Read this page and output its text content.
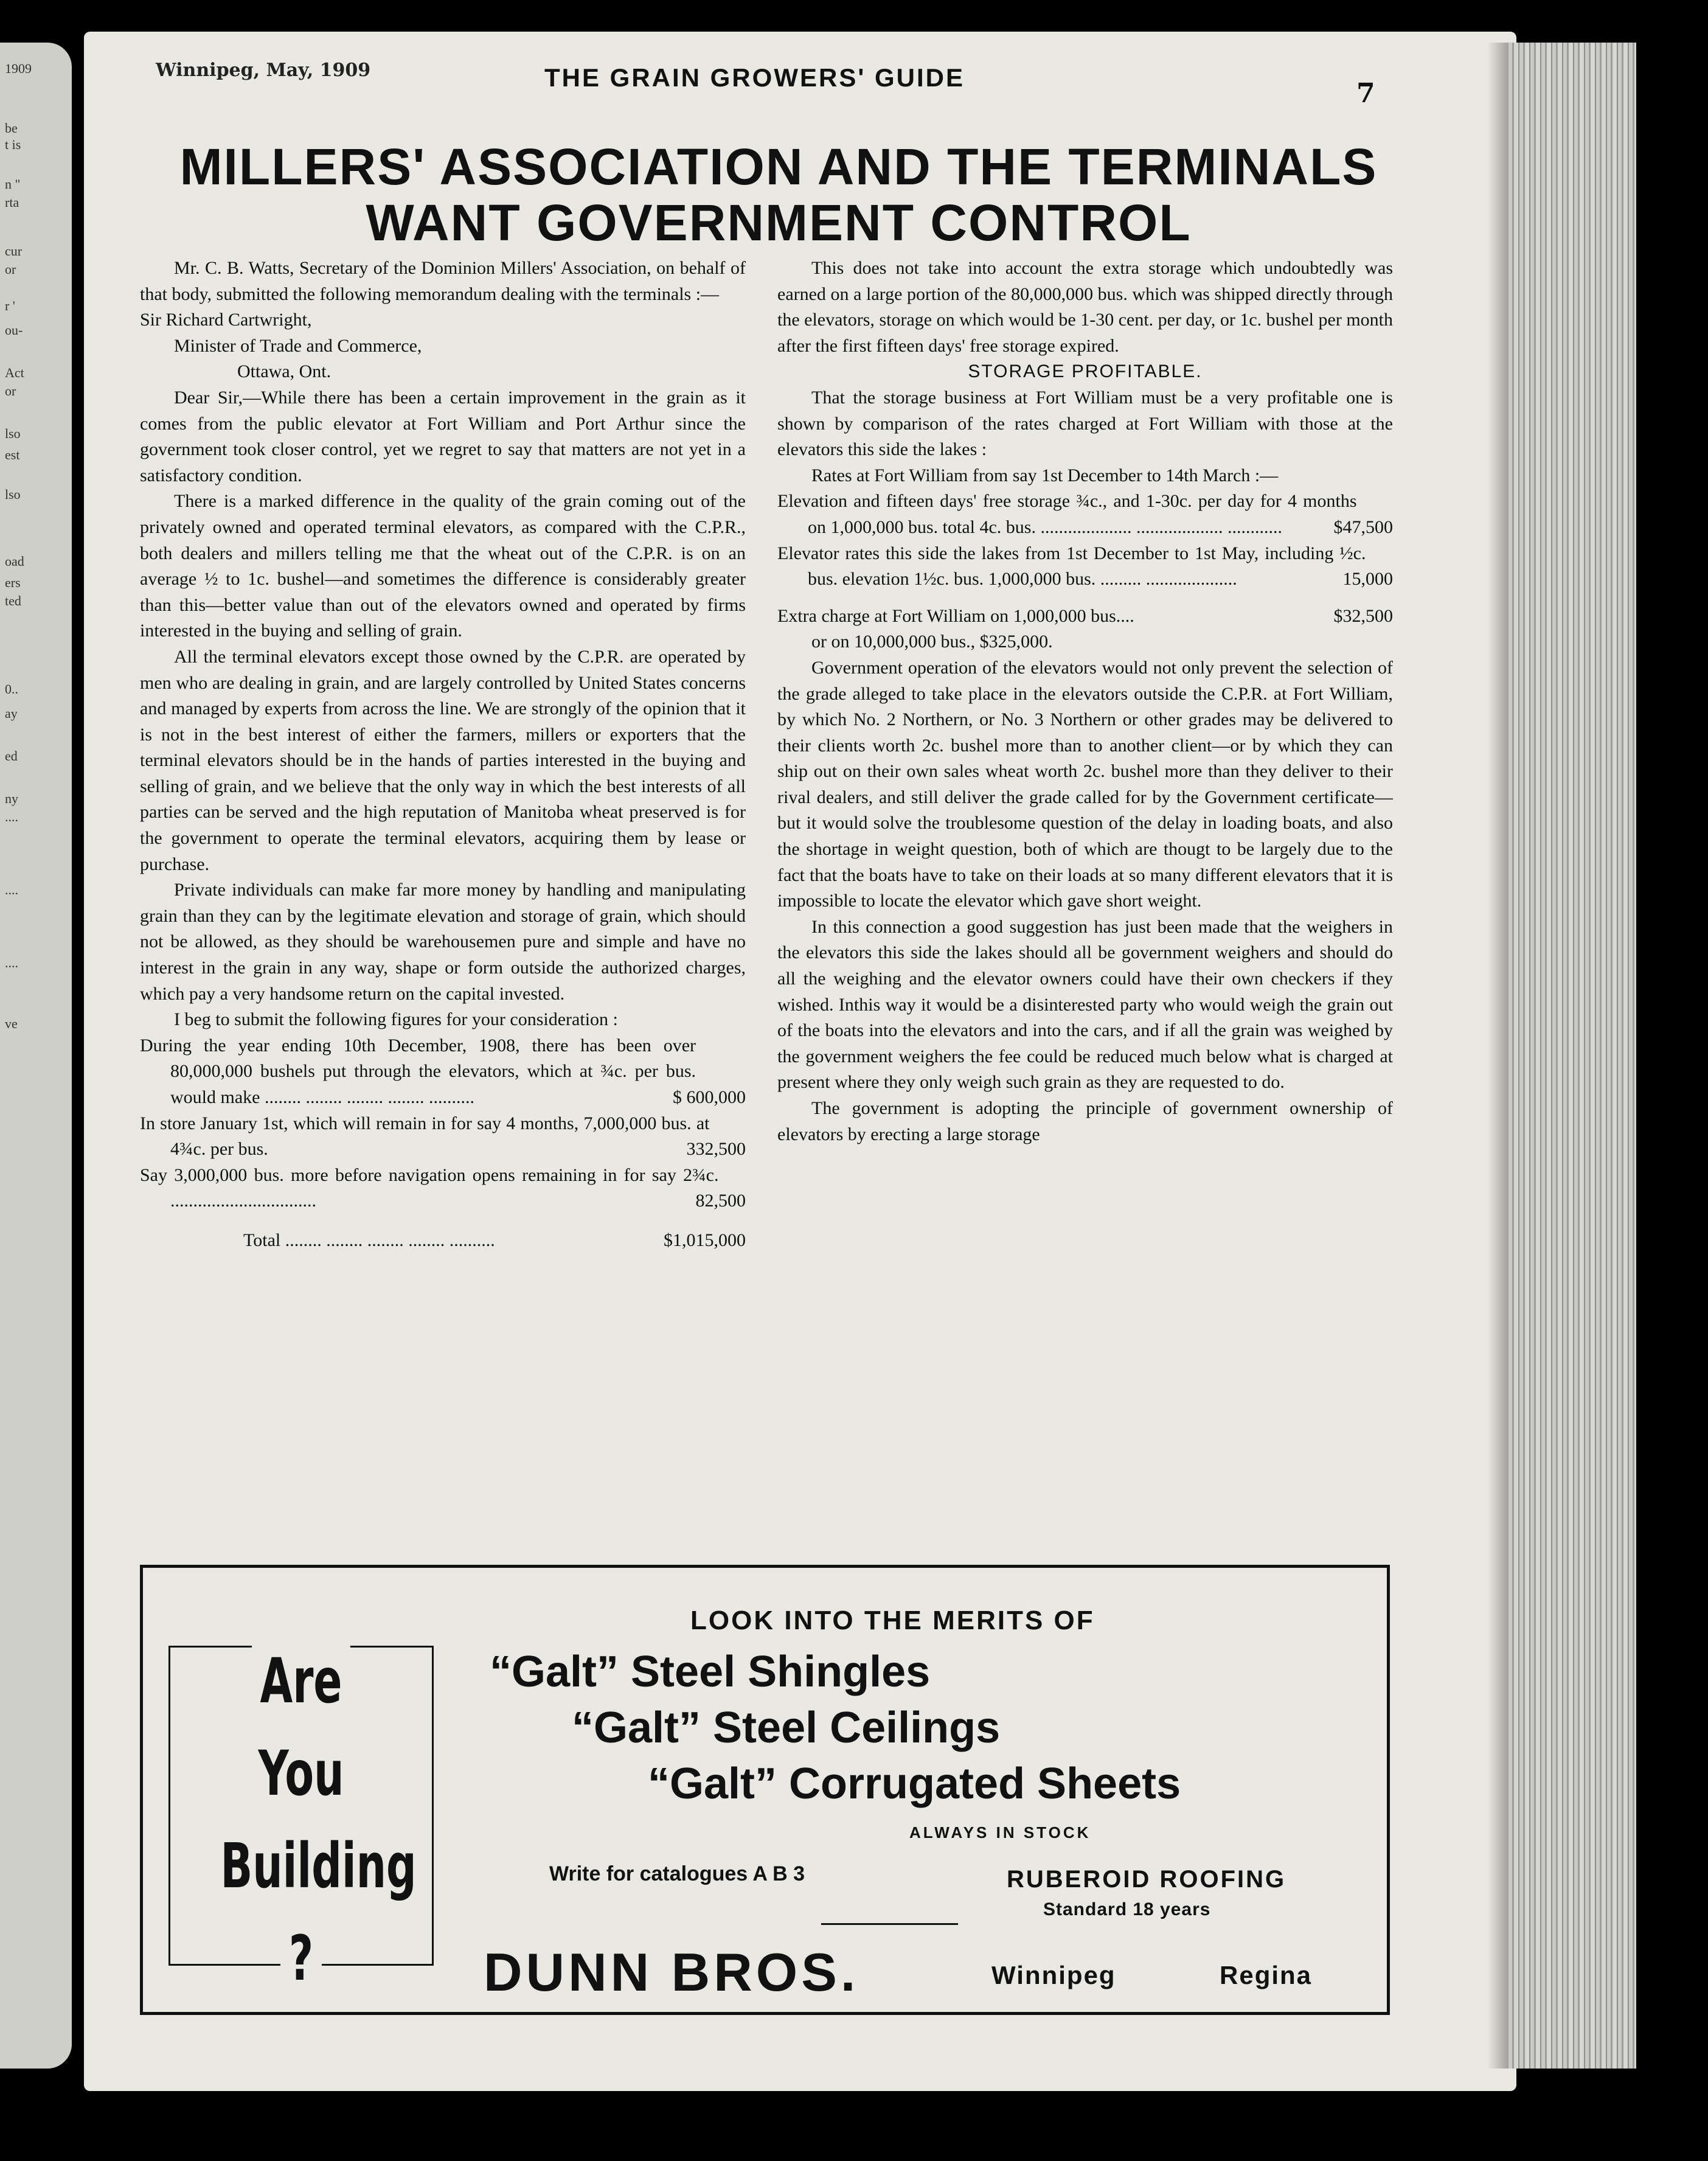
1909
be
t is
n "
rta
cur
or
r '
ou-
Act
or
lso
est
lso
oad
ers
ted
0..
ay
ed
ny
....
....
....
ve
Winnipeg, May, 1909	THE GRAIN GROWERS' GUIDE
7
MILLERS' ASSOCIATION AND THE TERMINALS
WANT GOVERNMENT CONTROL

Mr. C. B. Watts, Secretary of the Dominion Millers' Association, on behalf of that body, submitted the following memorandum dealing with the terminals :—

Sir Richard Cartwright,

Minister of Trade and Commerce,

Ottawa, Ont.

Dear Sir,—While there has been a certain improvement in the grain as it comes from the public elevator at Fort William and Port Arthur since the government took closer control, yet we regret to say that matters are not yet in a satisfactory condition.

There is a marked difference in the quality of the grain coming out of the privately owned and operated terminal elevators, as compared with the C.P.R., both dealers and millers telling me that the wheat out of the C.P.R. is on an average ½ to 1c. bushel—and sometimes the difference is considerably greater than this—better value than out of the elevators owned and operated by firms interested in the buying and selling of grain.

All the terminal elevators except those owned by the C.P.R. are operated by men who are dealing in grain, and are largely controlled by United States concerns and managed by experts from across the line. We are strongly of the opinion that it is not in the best interest of either the farmers, millers or exporters that the terminal elevators should be in the hands of parties interested in the buying and selling of grain, and we believe that the only way in which the best interests of all parties can be served and the high reputation of Manitoba wheat preserved is for the government to operate the terminal elevators, acquiring them by lease or purchase.

Private individuals can make far more money by handling and manipulating grain than they can by the legitimate elevation and storage of grain, which should not be allowed, as they should be warehousemen pure and simple and have no interest in the grain in any way, shape or form outside the authorized charges, which pay a very handsome return on the capital invested.

I beg to submit the following figures for your consideration :

During the year ending 10th December, 1908, there has been over 80,000,000 bushels put through the elevators, which at ¾c. per bus. would make ........ ........ ........ ........ ..........	$ 600,000
In store January 1st, which will remain in for say 4 months, 7,000,000 bus. at 4¾c. per bus.	332,500
Say 3,000,000 bus. more before navigation opens remaining in for say 2¾c. ................................	82,500
Total ........ ........ ........ ........ ..........	$1,015,000

This does not take into account the extra storage which undoubtedly was earned on a large portion of the 80,000,000 bus. which was shipped directly through the elevators, storage on which would be 1-30 cent. per day, or 1c. bushel per month after the first fifteen days' free storage expired.

STORAGE PROFITABLE.

That the storage business at Fort William must be a very profitable one is shown by comparison of the rates charged at Fort William with those at the elevators this side the lakes :

Rates at Fort William from say 1st December to 14th March :—

Elevation and fifteen days' free storage ¾c., and 1-30c. per day for 4 months on 1,000,000 bus. total 4c. bus. .................... ................... ............	$47,500
Elevator rates this side the lakes from 1st December to 1st May, including ½c. bus. elevation 1½c. bus. 1,000,000 bus. ......... ....................	15,000
Extra charge at Fort William on 1,000,000 bus....	$32,500

or on 10,000,000 bus., $325,000.

Government operation of the elevators would not only prevent the selection of the grade alleged to take place in the elevators outside the C.P.R. at Fort William, by which No. 2 Northern, or No. 3 Northern or other grades may be delivered to their clients worth 2c. bushel more than to another client—or by which they can ship out on their own sales wheat worth 2c. bushel more than they deliver to their rival dealers, and still deliver the grade called for by the Government certificate—but it would solve the troublesome question of the delay in loading boats, and also the shortage in weight question, both of which are thougt to be largely due to the fact that the boats have to take on their loads at so many different elevators that it is impossible to locate the elevator which gave short weight.

In this connection a good suggestion has just been made that the weighers in the elevators this side the lakes should all be government weighers and should do all the weighing and the elevator owners could have their own checkers if they wished. Inthis way it would be a disinterested party who would weigh the grain out of the boats into the elevators and into the cars, and if all the grain was weighed by the government weighers the fee could be reduced much below what is charged at present where they only weigh such grain as they are requested to do.

The government is adopting the principle of government ownership of elevators by erecting a large storage

Are
You
Building
?
LOOK INTO THE MERITS OF
“Galt” Steel Shingles
“Galt” Steel Ceilings
“Galt” Corrugated Sheets
ALWAYS IN STOCK
Write for catalogues A B 3	RUBEROID ROOFING
Standard 18 years
DUNN BROS.	Winnipeg	Regina
